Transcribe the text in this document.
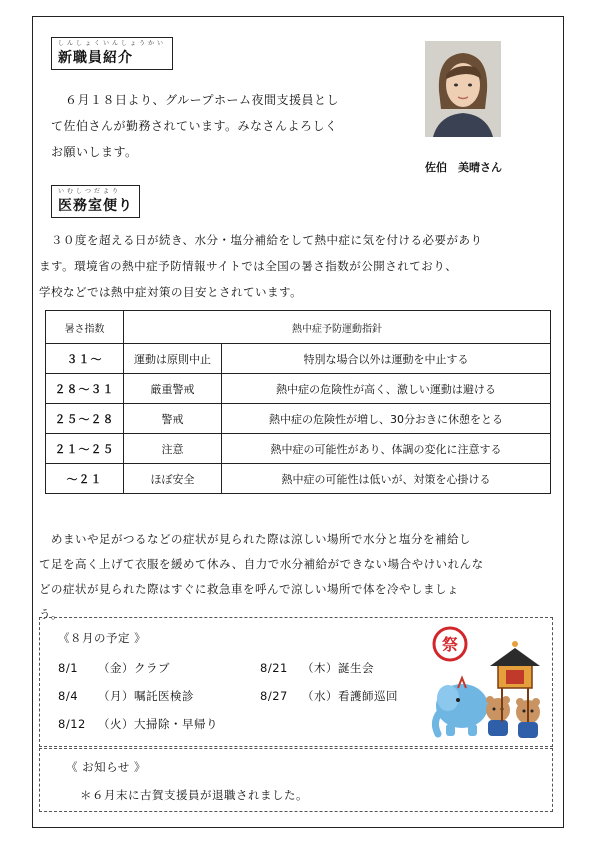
しんしょくいんしょうかい
新職員紹介
６月１８日より、グループホーム夜間支援員とし
て佐伯さんが勤務されています。みなさんよろしく
お願いします。
佐伯　美晴さん
いむしつだより
医務室便り
３０度を超える日が続き、水分・塩分補給をして熱中症に気を付ける必要があり
ます。環境省の熱中症予防情報サイトでは全国の暑さ指数が公開されており、
学校などでは熱中症対策の目安とされています。
暑さ指数	熱中症予防運動指針	
３１～	運動は原則中止	特別な場合以外は運動を中止する
２８～３１	厳重警戒	熱中症の危険性が高く、激しい運動は避ける
２５～２８	警戒	熱中症の危険性が増し、30分おきに休憩をとる
２１～２５	注意	熱中症の可能性があり、体調の変化に注意する
～２１	ほぼ安全	熱中症の可能性は低いが、対策を心掛ける
めまいや足がつるなどの症状が見られた際は涼しい場所で水分と塩分を補給し
て足を高く上げて衣服を緩めて休み、自力で水分補給ができない場合やけいれんな
どの症状が見られた際はすぐに救急車を呼んで涼しい場所で体を冷やしましょ
う。
《８月の予定 》
8/1 （金）クラブ
8/4 （月）嘱託医検診
8/12 （火）大掃除・早帰り
8/21 （木）誕生会
8/27 （水）看護師巡回
祭
《 お知らせ 》
＊６月末に古賀支援員が退職されました。
